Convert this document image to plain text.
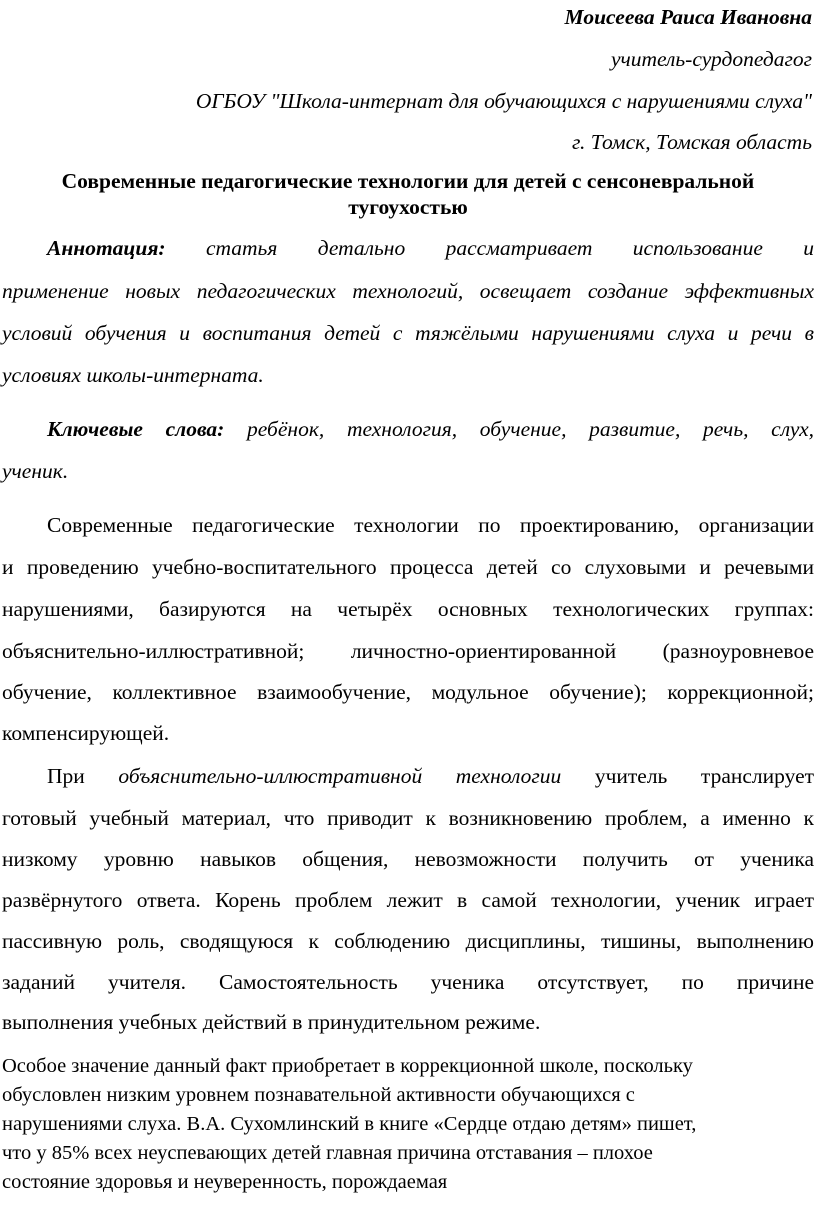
Моисеева Раиса Ивановна
учитель-сурдопедагог
ОГБОУ "Школа-интернат для обучающихся с нарушениями слуха"
г. Томск, Томская область
Современные педагогические технологии для детей с сенсоневральной
тугоухостью
Аннотация: статья детально рассматривает использование и
применение новых педагогических технологий, освещает создание эффективных
условий обучения и воспитания детей с тяжёлыми нарушениями слуха и речи в
условиях школы-интерната.
Ключевые слова: ребёнок, технология, обучение, развитие, речь, слух,
ученик.
Современные педагогические технологии по проектированию, организации
и проведению учебно-воспитательного процесса детей со слуховыми и речевыми
нарушениями, базируются на четырёх основных технологических группах:
объяснительно-иллюстративной; личностно-ориентированной (разноуровневое
обучение, коллективное взаимообучение, модульное обучение); коррекционной;
компенсирующей.
При объяснительно-иллюстративной технологии учитель транслирует
готовый учебный материал, что приводит к возникновению проблем, а именно к
низкому уровню навыков общения, невозможности получить от ученика
развёрнутого ответа. Корень проблем лежит в самой технологии, ученик играет
пассивную роль, сводящуюся к соблюдению дисциплины, тишины, выполнению
заданий учителя. Самостоятельность ученика отсутствует, по причине
выполнения учебных действий в принудительном режиме.
Особое значение данный факт приобретает в коррекционной школе, поскольку
обусловлен низким уровнем познавательной активности обучающихся с
нарушениями слуха. В.А. Сухомлинский в книге «Сердце отдаю детям» пишет,
что у 85% всех неуспевающих детей главная причина отставания – плохое
состояние здоровья и неуверенность, порождаемая
